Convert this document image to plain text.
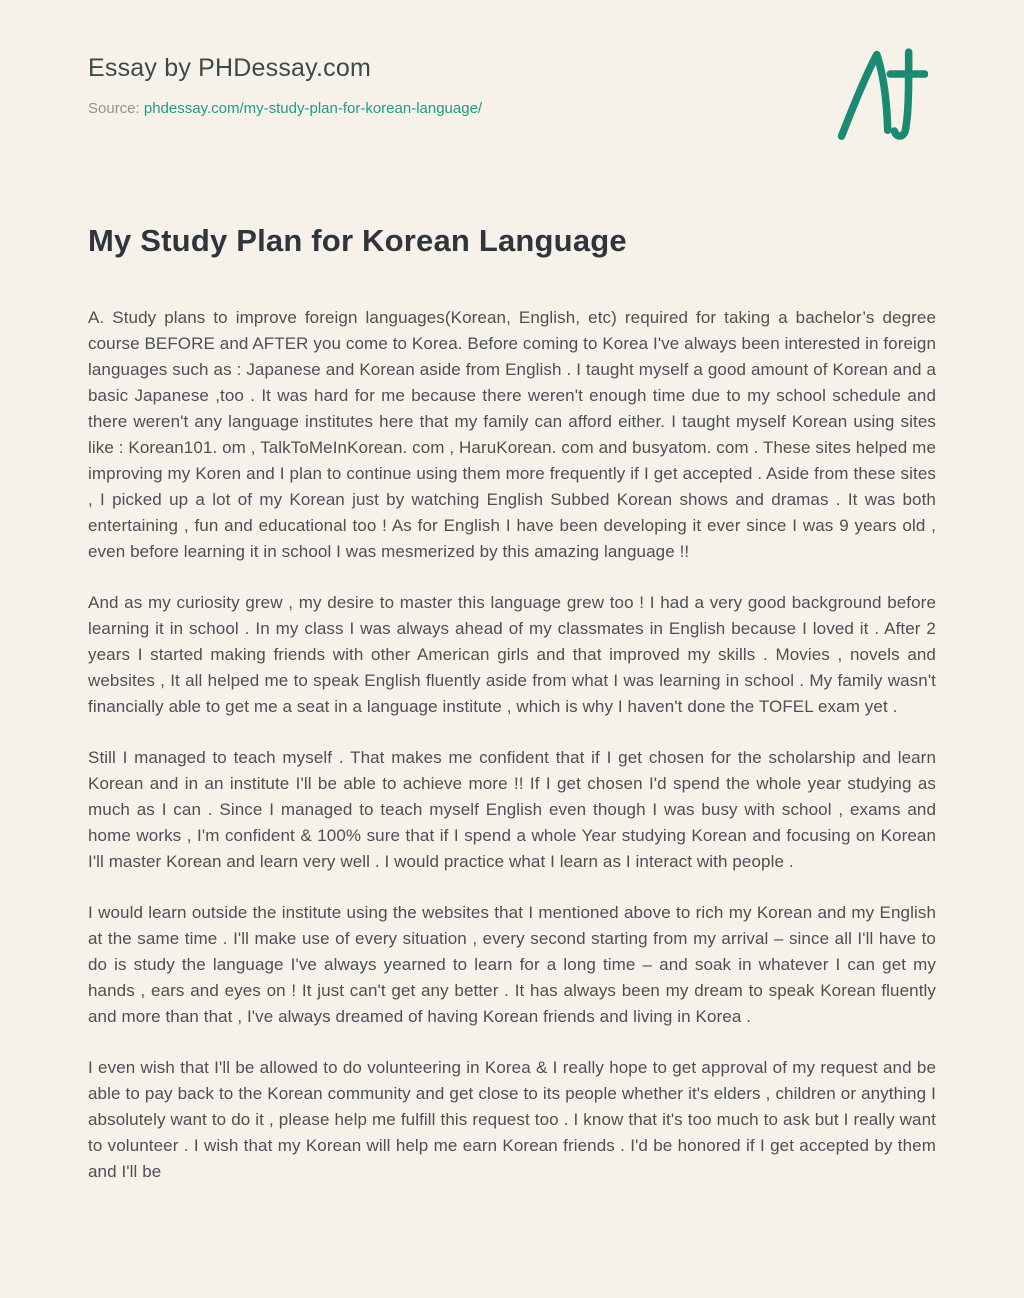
Essay by PHDessay.com
Source: phdessay.com/my-study-plan-for-korean-language/
My Study Plan for Korean Language

A. Study plans to improve foreign languages(Korean, English, etc) required for taking a bachelor’s degree course BEFORE and AFTER you come to Korea. Before coming to Korea I've always been interested in foreign languages such as : Japanese and Korean aside from English . I taught myself a good amount of Korean and a basic Japanese ,too . It was hard for me because there weren't enough time due to my school schedule and there weren't any language institutes here that my family can afford either. I taught myself Korean using sites like : Korean101. om , TalkToMeInKorean. com , HaruKorean. com and busyatom. com . These sites helped me improving my Koren and I plan to continue using them more frequently if I get accepted . Aside from these sites , I picked up a lot of my Korean just by watching English Subbed Korean shows and dramas . It was both entertaining , fun and educational too ! As for English I have been developing it ever since I was 9 years old , even before learning it in school I was mesmerized by this amazing language !!

And as my curiosity grew , my desire to master this language grew too ! I had a very good background before learning it in school . In my class I was always ahead of my classmates in English because I loved it . After 2 years I started making friends with other American girls and that improved my skills . Movies , novels and websites , It all helped me to speak English fluently aside from what I was learning in school . My family wasn't financially able to get me a seat in a language institute , which is why I haven't done the TOFEL exam yet .

Still I managed to teach myself . That makes me confident that if I get chosen for the scholarship and learn Korean and in an institute I'll be able to achieve more !! If I get chosen I'd spend the whole year studying as much as I can . Since I managed to teach myself English even though I was busy with school , exams and home works , I'm confident & 100% sure that if I spend a whole Year studying Korean and focusing on Korean I'll master Korean and learn very well . I would practice what I learn as I interact with people .

I would learn outside the institute using the websites that I mentioned above to rich my Korean and my English at the same time . I'll make use of every situation , every second starting from my arrival – since all I'll have to do is study the language I've always yearned to learn for a long time – and soak in whatever I can get my hands , ears and eyes on ! It just can't get any better . It has always been my dream to speak Korean fluently and more than that , I've always dreamed of having Korean friends and living in Korea .

I even wish that I'll be allowed to do volunteering in Korea & I really hope to get approval of my request and be able to pay back to the Korean community and get close to its people whether it's elders , children or anything I absolutely want to do it , please help me fulfill this request too . I know that it's too much to ask but I really want to volunteer . I wish that my Korean will help me earn Korean friends . I'd be honored if I get accepted by them and I'll be
